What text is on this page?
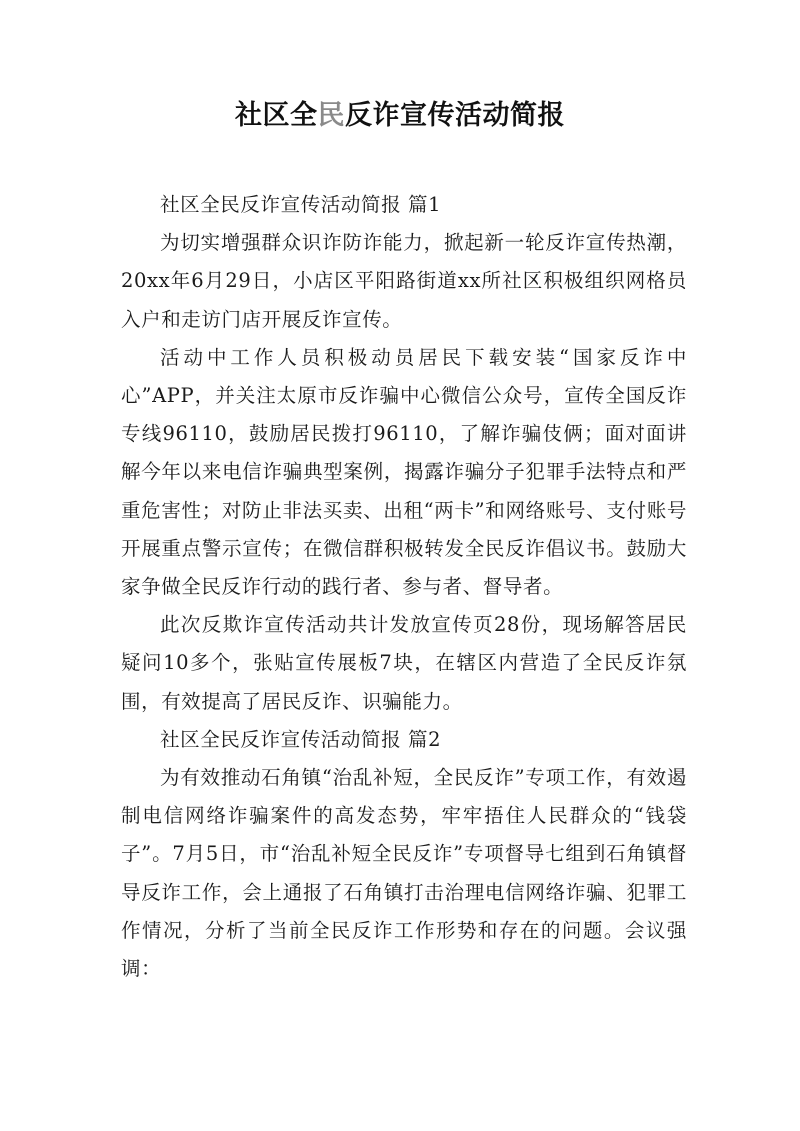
社区全民反诈宣传活动简报

社区全民反诈宣传活动简报 篇1

为切实增强群众识诈防诈能力，掀起新一轮反诈宣传热潮，20xx年6月29日，小店区平阳路街道xx所社区积极组织网格员入户和走访门店开展反诈宣传。

活动中工作人员积极动员居民下载安装“国家反诈中心”APP，并关注太原市反诈骗中心微信公众号，宣传全国反诈专线96110，鼓励居民拨打96110，了解诈骗伎俩；面对面讲解今年以来电信诈骗典型案例，揭露诈骗分子犯罪手法特点和严重危害性；对防止非法买卖、出租“两卡”和网络账号、支付账号开展重点警示宣传；在微信群积极转发全民反诈倡议书。鼓励大家争做全民反诈行动的践行者、参与者、督导者。

此次反欺诈宣传活动共计发放宣传页28份，现场解答居民疑问10多个，张贴宣传展板7块，在辖区内营造了全民反诈氛围，有效提高了居民反诈、识骗能力。

社区全民反诈宣传活动简报 篇2

为有效推动石角镇“治乱补短，全民反诈”专项工作，有效遏制电信网络诈骗案件的高发态势，牢牢捂住人民群众的“钱袋子”。7月5日，市“治乱补短全民反诈”专项督导七组到石角镇督导反诈工作，会上通报了石角镇打击治理电信网络诈骗、犯罪工作情况，分析了当前全民反诈工作形势和存在的问题。会议强调：
